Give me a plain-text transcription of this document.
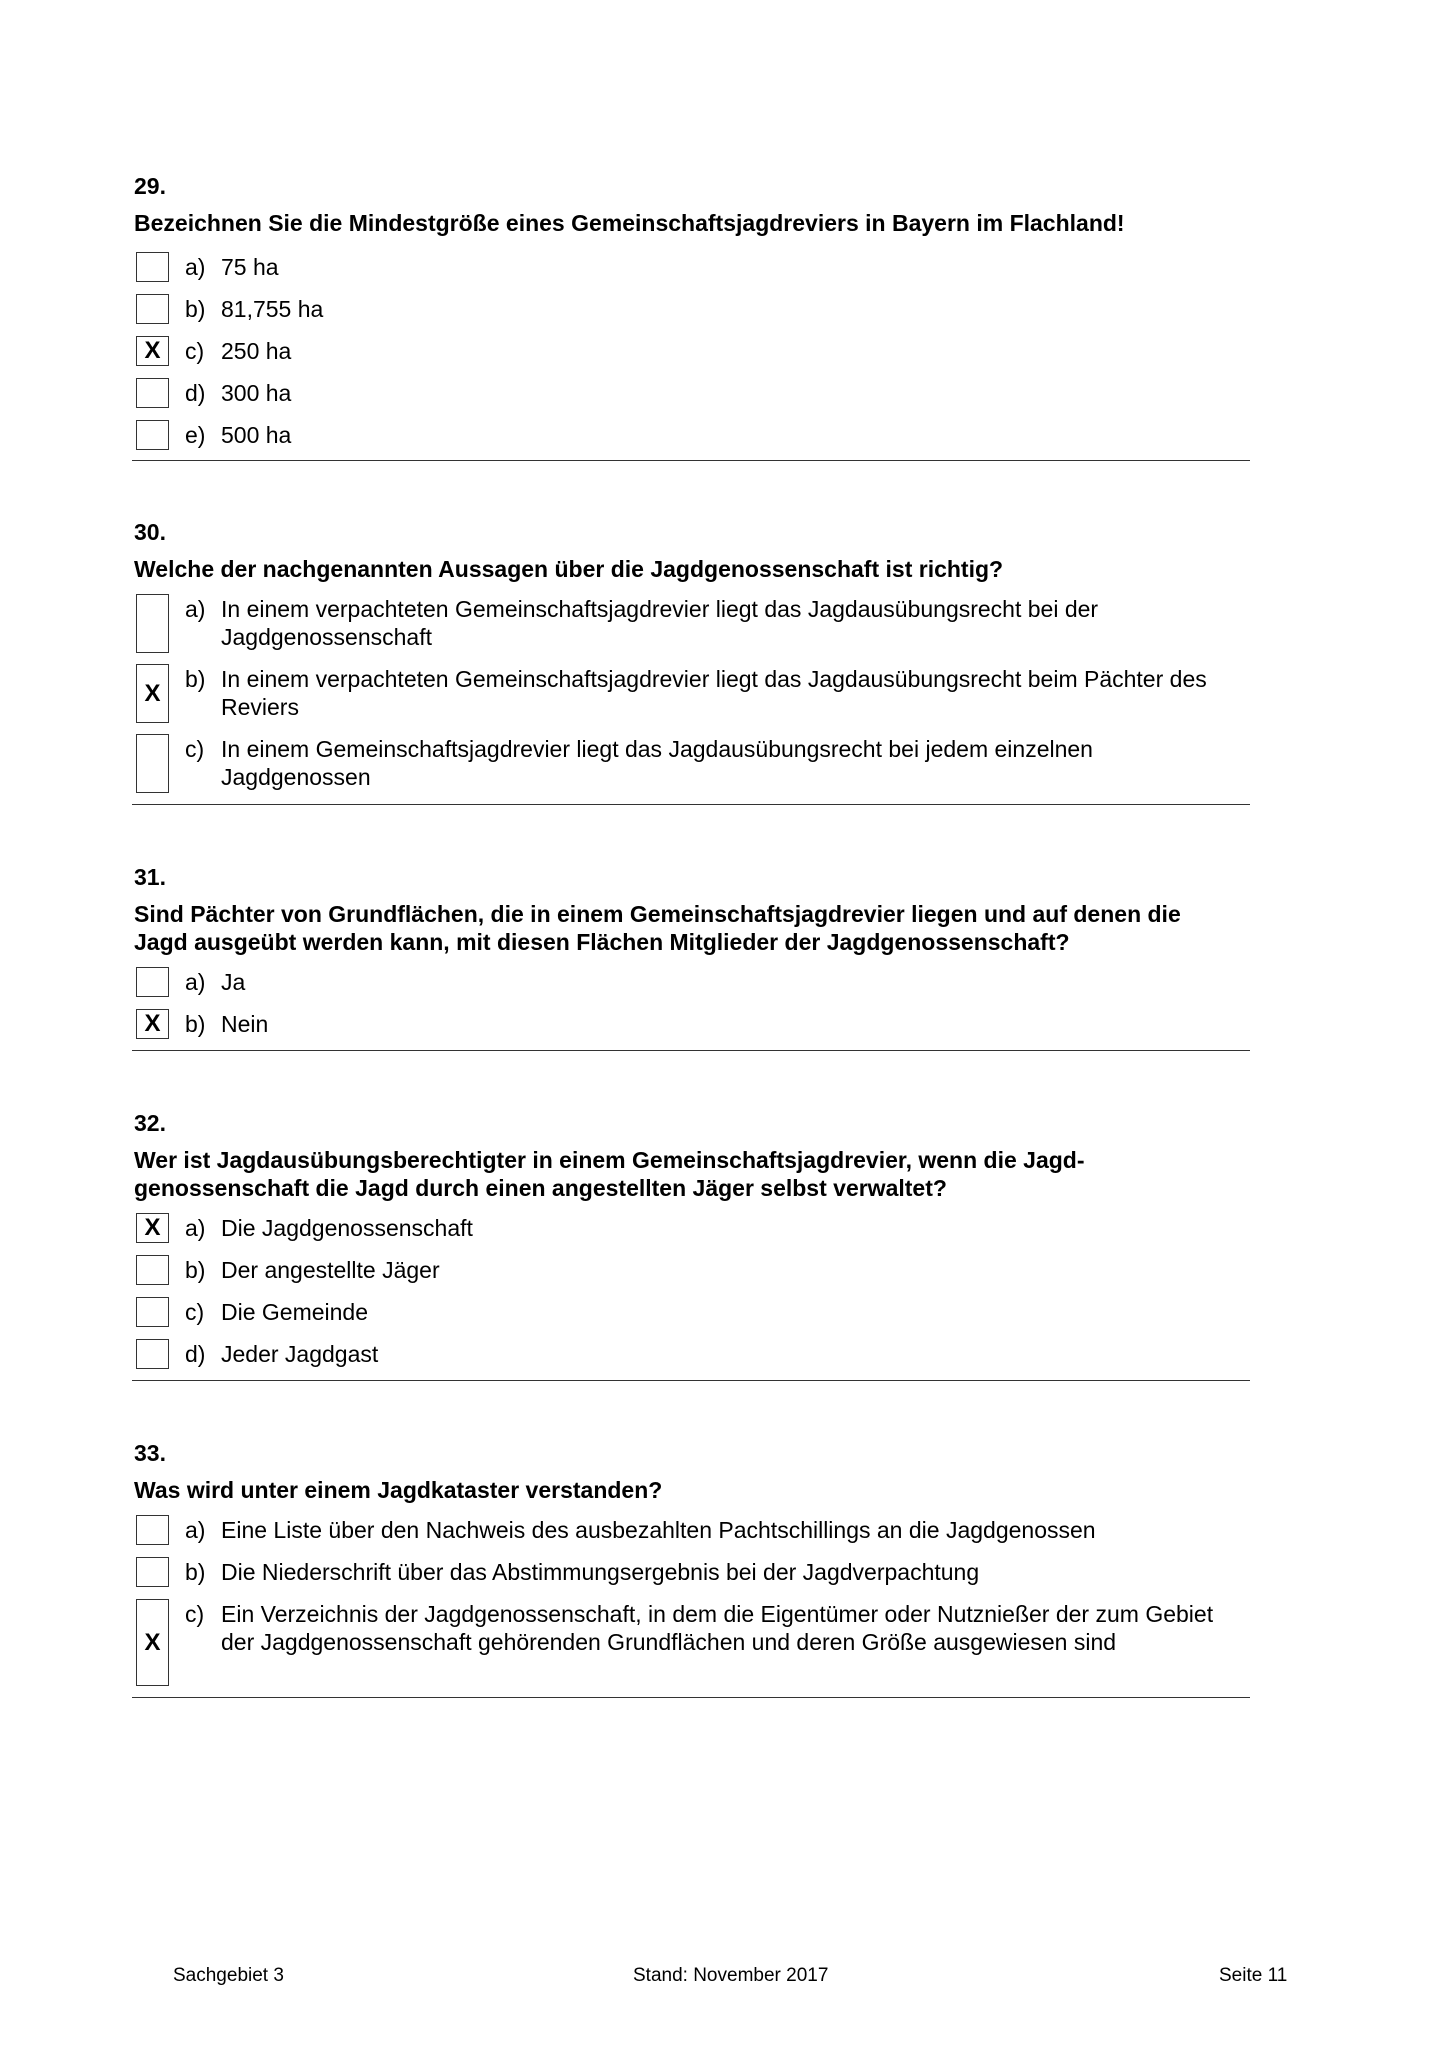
29.
Bezeichnen Sie die Mindestgröße eines Gemeinschaftsjagdreviers in Bayern im Flachland!
a) 75 ha
b) 81,755 ha
X	c) 250 ha
d) 300 ha
e) 500 ha
30.
Welche der nachgenannten Aussagen über die Jagdgenossenschaft ist richtig?
a) In einem verpachteten Gemeinschaftsjagdrevier liegt das Jagdausübungsrecht bei der Jagdgenossenschaft
X
b) In einem verpachteten Gemeinschaftsjagdrevier liegt das Jagdausübungsrecht beim Pächter des Reviers
c) In einem Gemeinschaftsjagdrevier liegt das Jagdausübungsrecht bei jedem einzelnen Jagdgenossen
31.
Sind Pächter von Grundflächen, die in einem Gemeinschaftsjagdrevier liegen und auf denen die Jagd ausgeübt werden kann, mit diesen Flächen Mitglieder der Jagdgenossenschaft?
a) Ja
X	b) Nein
32.
Wer ist Jagdausübungsberechtigter in einem Gemeinschaftsjagdrevier, wenn die Jagd-genossenschaft die Jagd durch einen angestellten Jäger selbst verwaltet?
X	a) Die Jagdgenossenschaft
b) Der angestellte Jäger
c) Die Gemeinde
d) Jeder Jagdgast
33.
Was wird unter einem Jagdkataster verstanden?
a) Eine Liste über den Nachweis des ausbezahlten Pachtschillings an die Jagdgenossen
b) Die Niederschrift über das Abstimmungsergebnis bei der Jagdverpachtung
X
c) Ein Verzeichnis der Jagdgenossenschaft, in dem die Eigentümer oder Nutznießer der zum Gebiet der Jagdgenossenschaft gehörenden Grundflächen und deren Größe ausgewiesen sind
Sachgebiet 3	Stand: November 2017	Seite 11
